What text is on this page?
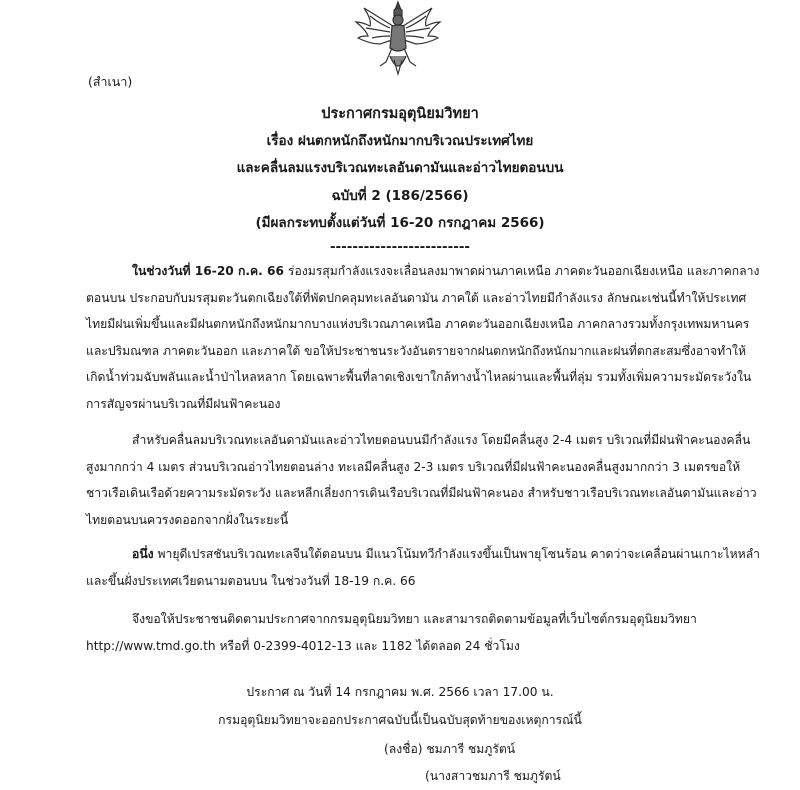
(สำเนา)
ประกาศกรมอุตุนิยมวิทยา
เรื่อง ฝนตกหนักถึงหนักมากบริเวณประเทศไทย
และคลื่นลมแรงบริเวณทะเลอันดามันและอ่าวไทยตอนบน
ฉบับที่ 2 (186/2566)
(มีผลกระทบตั้งแต่วันที่ 16-20 กรกฎาคม 2566)
-------------------------
ในช่วงวันที่ 16-20 ก.ค. 66 ร่องมรสุมกำลังแรงจะเลื่อนลงมาพาดผ่านภาคเหนือ ภาคตะวันออกเฉียงเหนือ และภาคกลาง
ตอนบน ประกอบกับมรสุมตะวันตกเฉียงใต้ที่พัดปกคลุมทะเลอันดามัน ภาคใต้ และอ่าวไทยมีกำลังแรง ลักษณะเช่นนี้ทำให้ประเทศ
ไทยมีฝนเพิ่มขึ้นและมีฝนตกหนักถึงหนักมากบางแห่งบริเวณภาคเหนือ ภาคตะวันออกเฉียงเหนือ ภาคกลางรวมทั้งกรุงเทพมหานคร
และปริมณฑล ภาคตะวันออก และภาคใต้ ขอให้ประชาชนระวังอันตรายจากฝนตกหนักถึงหนักมากและฝนที่ตกสะสมซึ่งอาจทำให้
เกิดน้ำท่วมฉับพลันและน้ำป่าไหลหลาก โดยเฉพาะพื้นที่ลาดเชิงเขาใกล้ทางน้ำไหลผ่านและพื้นที่ลุ่ม รวมทั้งเพิ่มความระมัดระวังใน
การสัญจรผ่านบริเวณที่มีฝนฟ้าคะนอง
สำหรับคลื่นลมบริเวณทะเลอันดามันและอ่าวไทยตอนบนมีกำลังแรง โดยมีคลื่นสูง 2-4 เมตร บริเวณที่มีฝนฟ้าคะนองคลื่น
สูงมากกว่า 4 เมตร ส่วนบริเวณอ่าวไทยตอนล่าง ทะเลมีคลื่นสูง 2-3 เมตร บริเวณที่มีฝนฟ้าคะนองคลื่นสูงมากกว่า 3 เมตรขอให้
ชาวเรือเดินเรือด้วยความระมัดระวัง และหลีกเลี่ยงการเดินเรือบริเวณที่มีฝนฟ้าคะนอง สำหรับชาวเรือบริเวณทะเลอันดามันและอ่าว
ไทยตอนบนควรงดออกจากฝั่งในระยะนี้
อนึ่ง พายุดีเปรสชันบริเวณทะเลจีนใต้ตอนบน มีแนวโน้มทวีกำลังแรงขึ้นเป็นพายุโซนร้อน คาดว่าจะเคลื่อนผ่านเกาะไหหลำ
และขึ้นฝั่งประเทศเวียดนามตอนบน ในช่วงวันที่ 18-19 ก.ค. 66
จึงขอให้ประชาชนติดตามประกาศจากกรมอุตุนิยมวิทยา และสามารถติดตามข้อมูลที่เว็บไซต์กรมอุตุนิยมวิทยา
http://www.tmd.go.th หรือที่ 0-2399-4012-13 และ 1182 ได้ตลอด 24 ชั่วโมง
ประกาศ ณ วันที่ 14 กรกฎาคม พ.ศ. 2566 เวลา 17.00 น.
กรมอุตุนิยมวิทยาจะออกประกาศฉบับนี้เป็นฉบับสุดท้ายของเหตุการณ์นี้
(ลงชื่อ) ชมภารี ชมภูรัตน์
(นางสาวชมภารี ชมภูรัตน์
